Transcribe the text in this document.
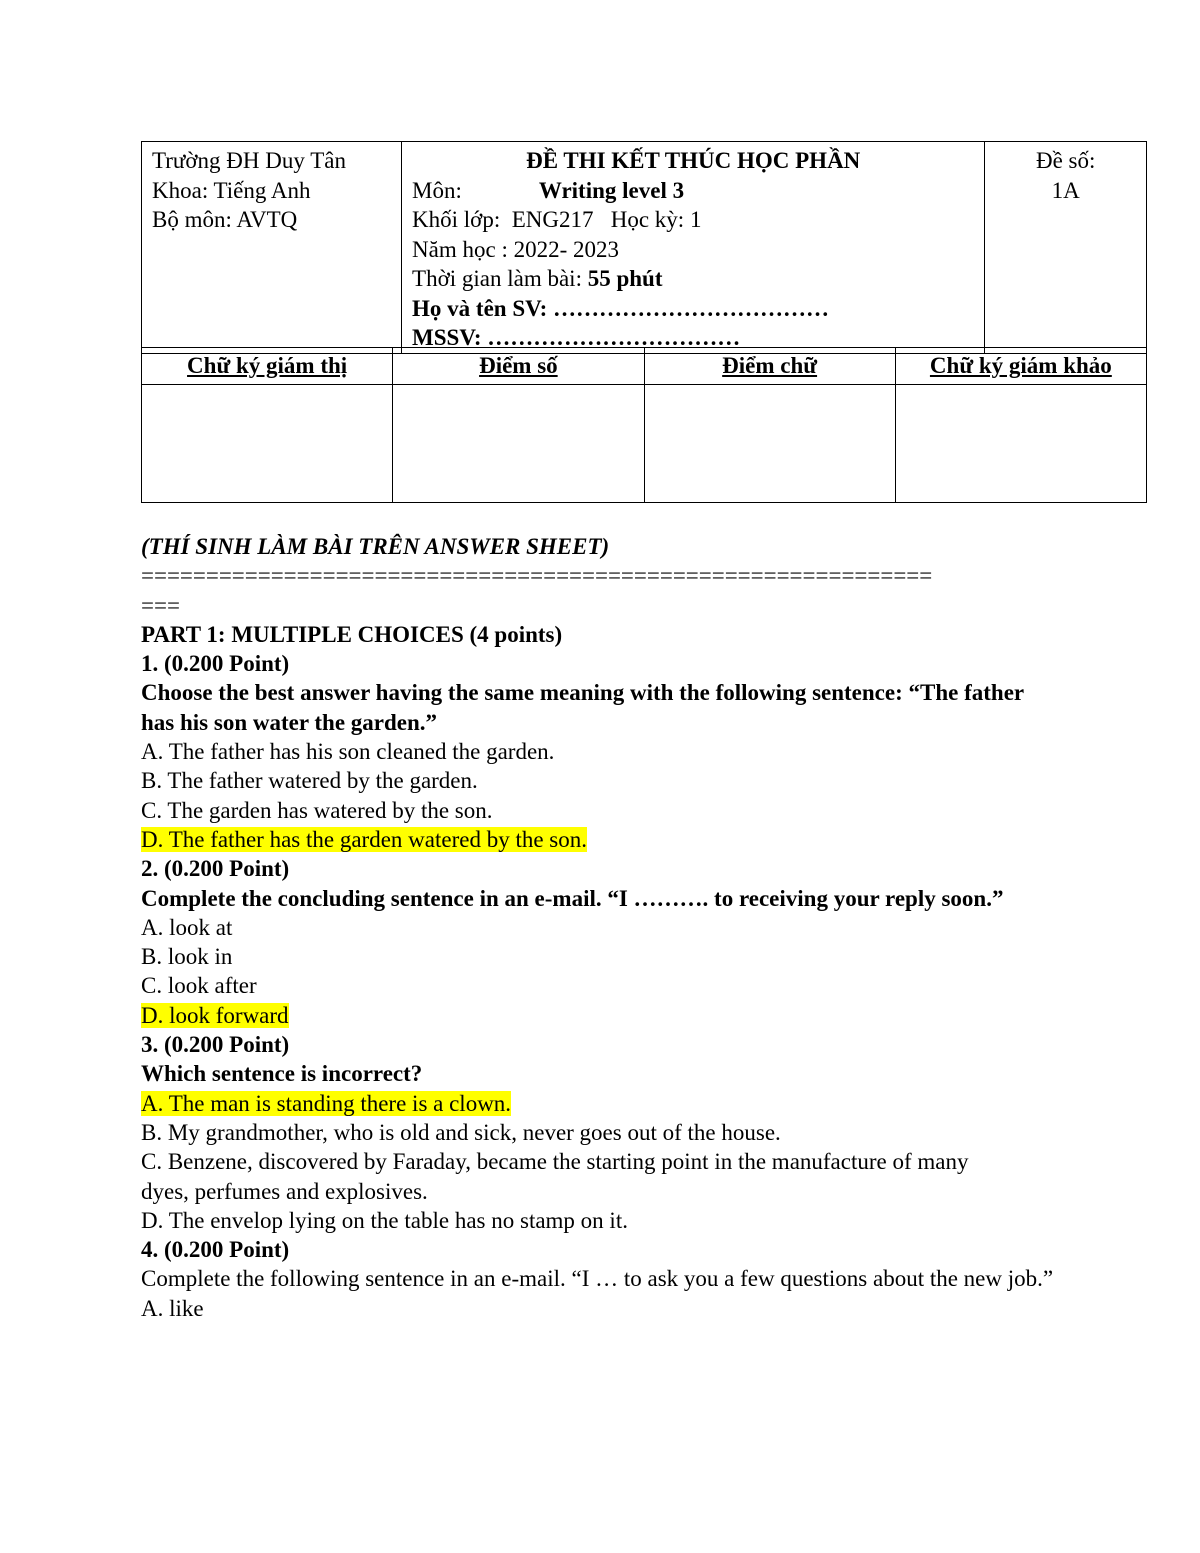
Trường ĐH Duy Tân
Khoa: Tiếng Anh
Bộ môn: AVTQ

ĐỀ THI KẾT THÚC HỌC PHẦN
Môn:	Writing level 3
Khối lớp:  ENG217   Học kỳ: 1
Năm học : 2022- 2023
Thời gian làm bài: 55 phút
Họ và tên SV: ………………………………
MSSV: ……………………………

Đề số:
1A
Chữ ký giám thị	Điểm số	Điểm chữ	Chữ ký giám khảo

(THÍ SINH LÀM BÀI TRÊN ANSWER SHEET)
=============================================================
===
PART 1: MULTIPLE CHOICES (4 points)
1. (0.200 Point)
Choose the best answer having the same meaning with the following sentence: “The father has his son water the garden.”
A. The father has his son cleaned the garden.
B. The father watered by the garden.
C. The garden has watered by the son.
D. The father has the garden watered by the son.
2. (0.200 Point)
Complete the concluding sentence in an e-mail. “I ………. to receiving your reply soon.”
A. look at
B. look in
C. look after
D. look forward
3. (0.200 Point)
Which sentence is incorrect?
A. The man is standing there is a clown.
B. My grandmother, who is old and sick, never goes out of the house.
C. Benzene, discovered by Faraday, became the starting point in the manufacture of many dyes, perfumes and explosives.
D. The envelop lying on the table has no stamp on it.
4. (0.200 Point)
Complete the following sentence in an e-mail. “I … to ask you a few questions about the new job.”
A. like
